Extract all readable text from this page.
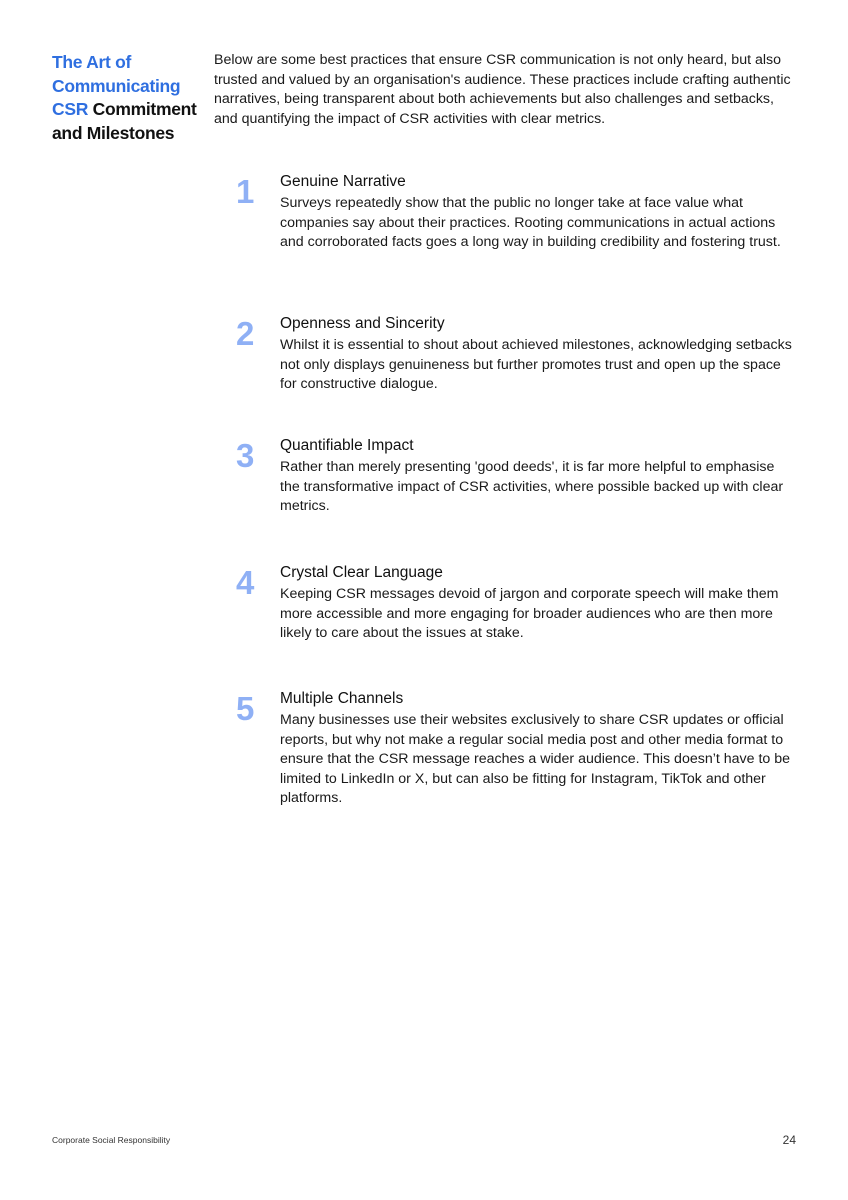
The Art of Communicating CSR Commitment and Milestones
Below are some best practices that ensure CSR communication is not only heard, but also trusted and valued by an organisation's audience. These practices include crafting authentic narratives, being transparent about both achievements but also challenges and setbacks, and quantifying the impact of CSR activities with clear metrics.
1 Genuine Narrative
Surveys repeatedly show that the public no longer take at face value what companies say about their practices. Rooting communications in actual actions and corroborated facts goes a long way in building credibility and fostering trust.
2 Openness and Sincerity
Whilst it is essential to shout about achieved milestones, acknowledging setbacks not only displays genuineness but further promotes trust and open up the space for constructive dialogue.
3 Quantifiable Impact
Rather than merely presenting 'good deeds', it is far more helpful to emphasise the transformative impact of CSR activities, where possible backed up with clear metrics.
4 Crystal Clear Language
Keeping CSR messages devoid of jargon and corporate speech will make them more accessible and more engaging for broader audiences who are then more likely to care about the issues at stake.
5 Multiple Channels
Many businesses use their websites exclusively to share CSR updates or official reports, but why not make a regular social media post and other media format to ensure that the CSR message reaches a wider audience. This doesn’t have to be limited to LinkedIn or X, but can also be fitting for Instagram, TikTok and other platforms.
Corporate Social Responsibility	24
